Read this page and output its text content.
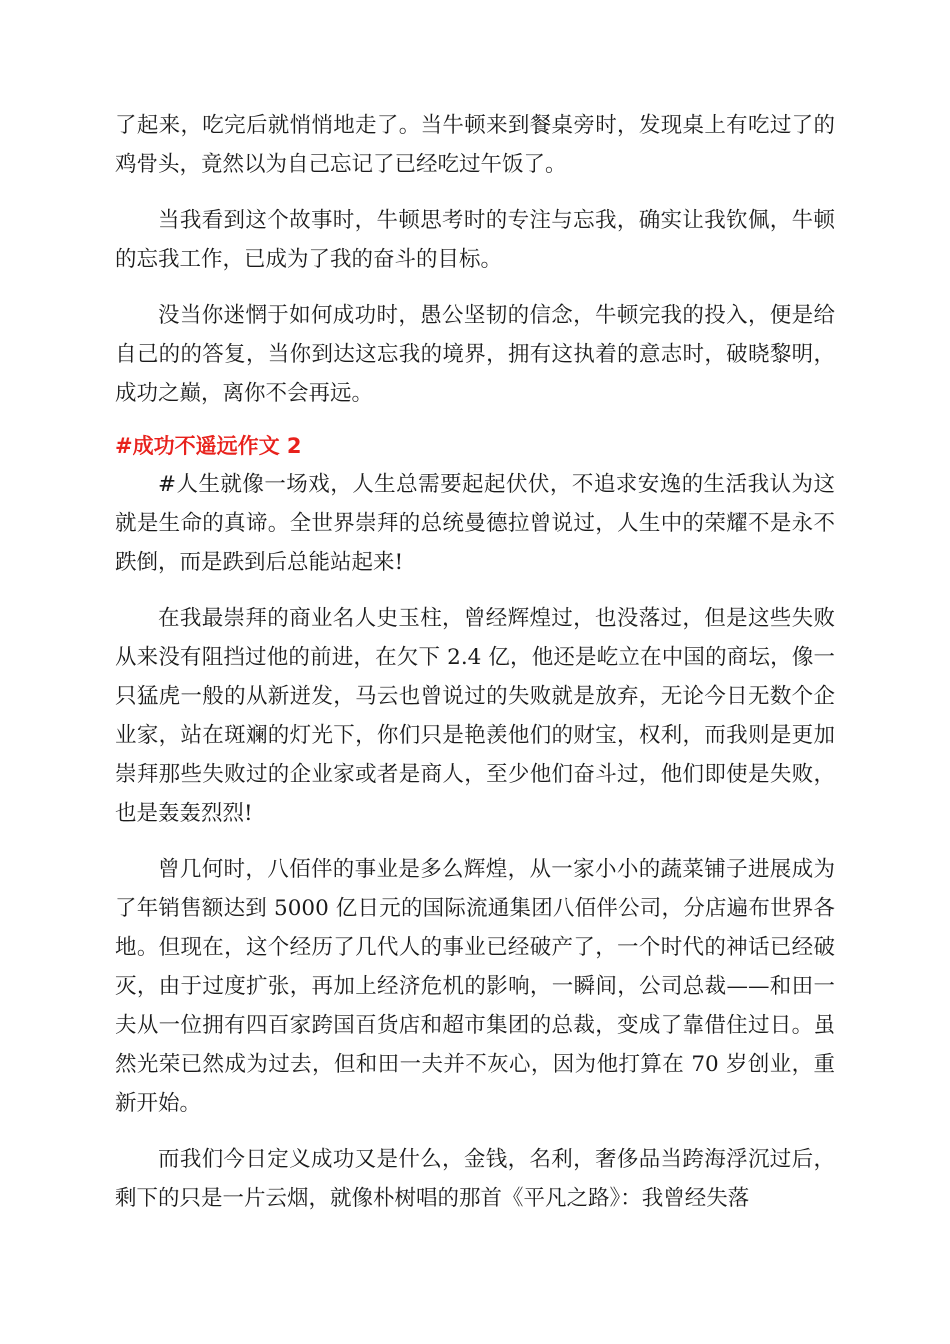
了起来，吃完后就悄悄地走了。当牛顿来到餐桌旁时，发现桌上有吃过了的鸡骨头，竟然以为自己忘记了已经吃过午饭了。

当我看到这个故事时，牛顿思考时的专注与忘我，确实让我钦佩，牛顿的忘我工作，已成为了我的奋斗的目标。

没当你迷惘于如何成功时，愚公坚韧的信念，牛顿完我的投入，便是给自己的的答复，当你到达这忘我的境界，拥有这执着的意志时，破晓黎明，成功之巅，离你不会再远。

#成功不遥远作文 2

#人生就像一场戏，人生总需要起起伏伏，不追求安逸的生活我认为这就是生命的真谛。全世界崇拜的总统曼德拉曾说过，人生中的荣耀不是永不跌倒，而是跌到后总能站起来!

在我最崇拜的商业名人史玉柱，曾经辉煌过，也没落过，但是这些失败从来没有阻挡过他的前进，在欠下 2.4 亿，他还是屹立在中国的商坛，像一只猛虎一般的从新迸发，马云也曾说过的失败就是放弃，无论今日无数个企业家，站在斑斓的灯光下，你们只是艳羡他们的财宝，权利，而我则是更加崇拜那些失败过的企业家或者是商人，至少他们奋斗过，他们即使是失败，也是轰轰烈烈!

曾几何时，八佰伴的事业是多么辉煌，从一家小小的蔬菜铺子进展成为了年销售额达到 5000 亿日元的国际流通集团八佰伴公司，分店遍布世界各地。但现在，这个经历了几代人的事业已经破产了，一个时代的神话已经破灭，由于过度扩张，再加上经济危机的影响，一瞬间，公司总裁——和田一夫从一位拥有四百家跨国百货店和超市集团的总裁，变成了靠借住过日。虽然光荣已然成为过去，但和田一夫并不灰心，因为他打算在 70 岁创业，重新开始。

而我们今日定义成功又是什么，金钱，名利，奢侈品当跨海浮沉过后，剩下的只是一片云烟，就像朴树唱的那首《平凡之路》：我曾经失落
